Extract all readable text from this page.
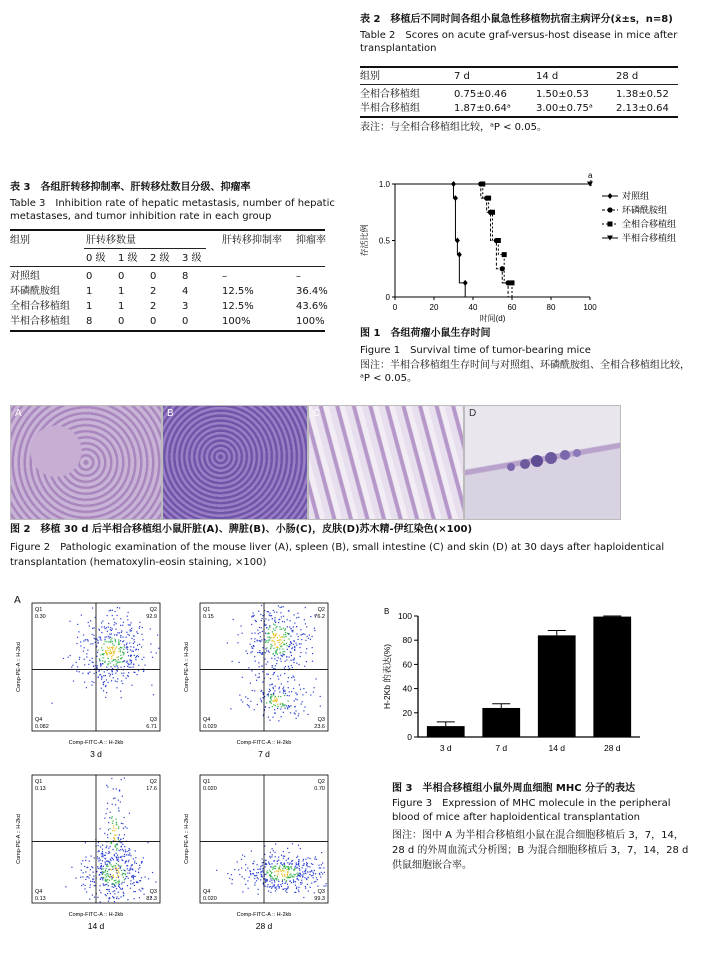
表 2　移植后不同时间各组小鼠急性移植物抗宿主病评分(x̄±s，n=8)
Table 2　Scores on acute graf-versus-host disease in mice after transplantation
组别	7 d	14 d	28 d
全相合移植组	0.75±0.46	1.50±0.53	1.38±0.52
半相合移植组	1.87±0.64ᵃ	3.00±0.75ᵃ 2.13±0.64
表注：与全相合移植组比较，ᵃP < 0.05。
表 3　各组肝转移抑制率、肝转移灶数目分级、抑瘤率
Table 3　Inhibition rate of hepatic metastasis, number of hepatic metastases, and tumor inhibition rate in each group
组别	肝转移数量	肝转移抑制率 抑瘤率
0 级 1 级 2 级 3 级
对照组	0	0	0	8	–	–
环磷酰胺组	1	1	2	4	12.5%	36.4%
全相合移植组 1	1	2	3	12.5%	43.6%
半相合移植组 8	0	0	0	100%	100%
0	20	40	60	80	100
0
0.5
1.0
时间(d)
存活比例
对照组
环磷酰胺组
全相合移植组
半相合移植组
a
图 1　各组荷瘤小鼠生存时间
Figure 1　Survival time of tumor-bearing mice
图注：半相合移植组生存时间与对照组、环磷酰胺组、全相合移植组比较，ᵃP < 0.05。
A	B	C	D
图 2　移植 30 d 后半相合移植组小鼠肝脏(A)、脾脏(B)、小肠(C)，皮肤(D)苏木精-伊红染色(×100)
Figure 2　Pathologic examination of the mouse liver (A), spleen (B), small intestine (C) and skin (D) at 30 days after haploidentical transplantation (hematoxylin-eosin staining, ×100)
A
Q1
0.30
Q2
92.9
Q4
0.082
Q3
6.71
Comp-FITC-A :: H-2kb
Comp-PE-A :: H-2kd
3 d
Q1
0.15
Q2
76.2
Q4
0.029
Q3
23.6
Comp-FITC-A :: H-2kb
Comp-PE-A :: H-2kd
7 d
Q1
0.13
Q2
17.6
Q4
0.13
Q3
82.3
Comp-FITC-A :: H-2kb
Comp-PE-A :: H-2kd
14 d
Q1
0.020
Q2
0.70
Q4
0.020
Q3
99.3
Comp-FITC-A :: H-2kb
Comp-PE-A :: H-2kd
28 d
B
0
20
40
60
80
100
H-2Kb 的表达(%)
3 d	7 d	14 d	28 d
图 3　半相合移植组小鼠外周血细胞 MHC 分子的表达
Figure 3　Expression of MHC molecule in the peripheral blood of mice after haploidentical transplantation
图注：图中 A 为半相合移植组小鼠在混合细胞移植后 3，7，14，28 d 的外周血流式分析图；B 为混合细胞移植后 3，7，14，28 d 供鼠细胞嵌合率。
